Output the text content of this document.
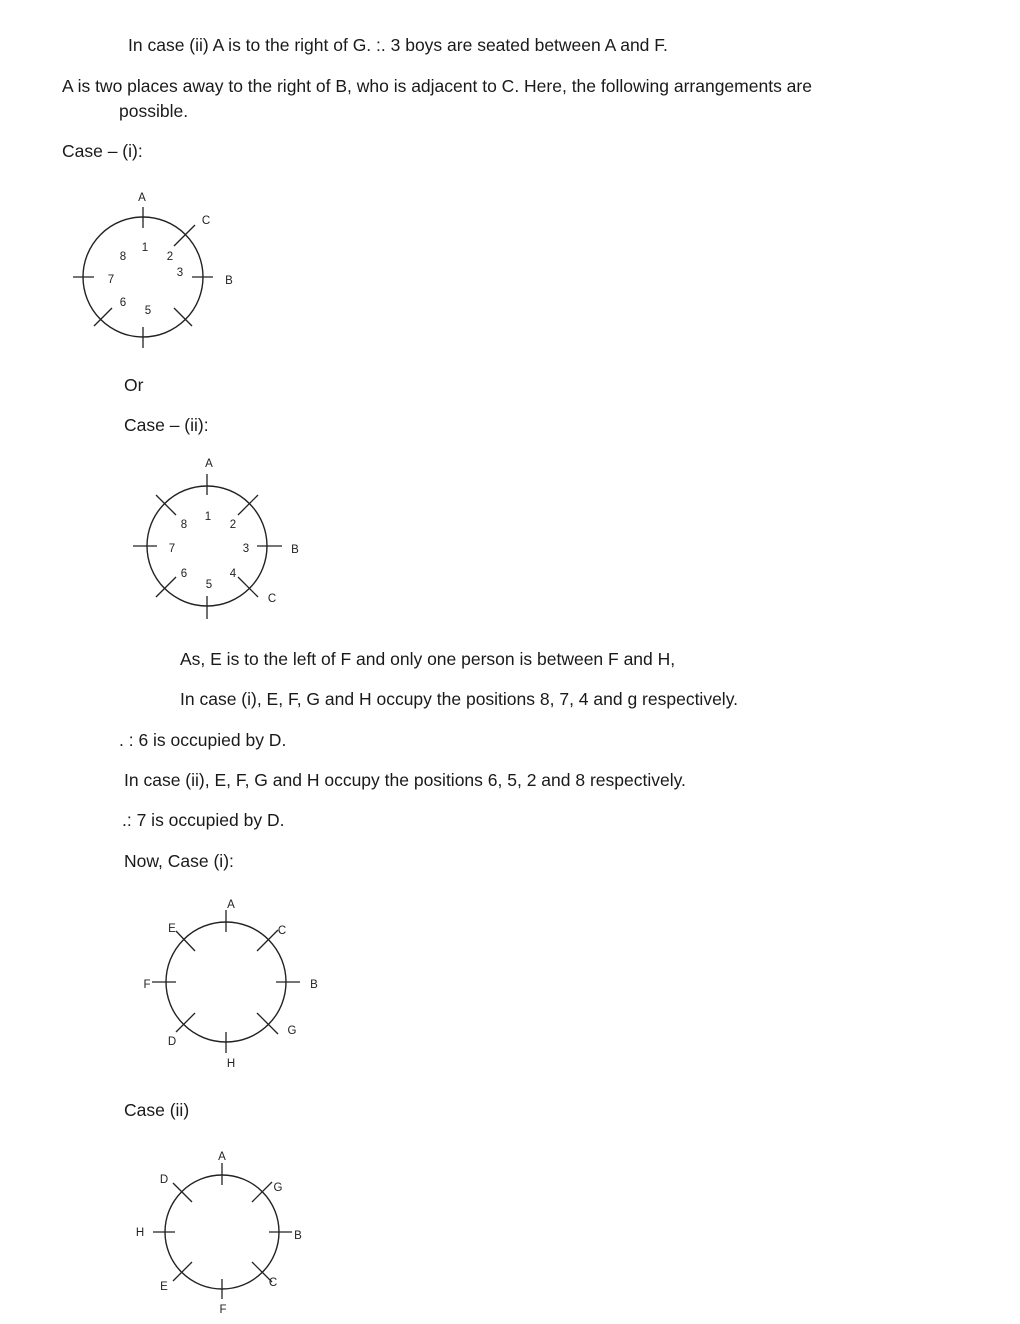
In case (ii) A is to the right of G. :. 3 boys are seated between A and F.
A is two places away to the right of B, who is adjacent to C. Here, the following arrangements are
possible.
Case – (i):
A
C
B
1
2
3
5
6
7
8
Or
Case – (ii):
A
B
C
1
2
3
4
5
6
7
8
As, E is to the left of F and only one person is between F and H,
In case (i), E, F, G and H occupy the positions 8, 7, 4 and g respectively.
. : 6 is occupied by D.
In case (ii), E, F, G and H occupy the positions 6, 5, 2 and 8 respectively.
.: 7 is occupied by D.
Now, Case (i):
A
C
B
G
H
D
F
E
Case (ii)
A
G
B
C
F
E
H
D
